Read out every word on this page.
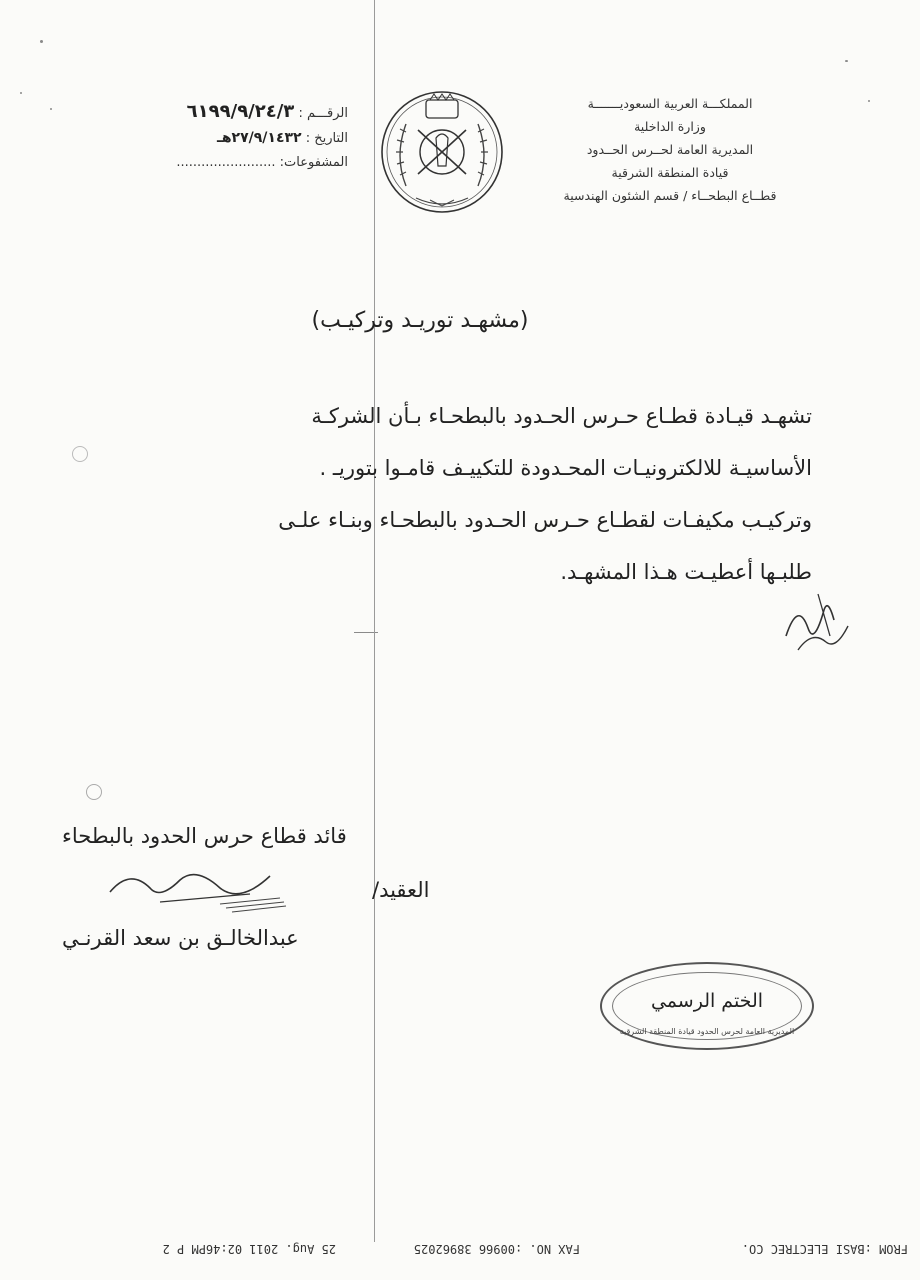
المملكـــة العربية السعوديـــــــة
وزارة الداخلية
المديرية العامة لحــرس الحــدود
قيادة المنطقة الشرقية
قطــاع البطحــاء / قسم الشئون الهندسية
الرقـــم : ٦١٩٩/٩/٢٤/٣
التاريخ : ٢٧/٩/١٤٣٢هـ
المشفوعات: ........................
(مشهـد توريـد وتركيـب)
تشهـد قيـادة قطـاع حـرس الحـدود بالبطحـاء بـأن الشركـة
الأساسيـة للالكترونيـات المحـدودة للتكييـف قامـوا بتوريـ .
وتركيـب مكيفـات لقطـاع حـرس الحـدود بالبطحـاء وبنـاء علـى
طلبـها أعطيـت هـذا المشهـد.
قائد قطاع حرس الحدود بالبطحاء
العقيد/
عبدالخالـق بن سعد القرنـي
الختم الرسمي
المديرية العامة لحرس الحدود قيادة المنطقة الشرقية
FROM :BASI ELECTREC CO.
FAX NO. :00966 38962025
25 Aug. 2011 02:46PM P 2
